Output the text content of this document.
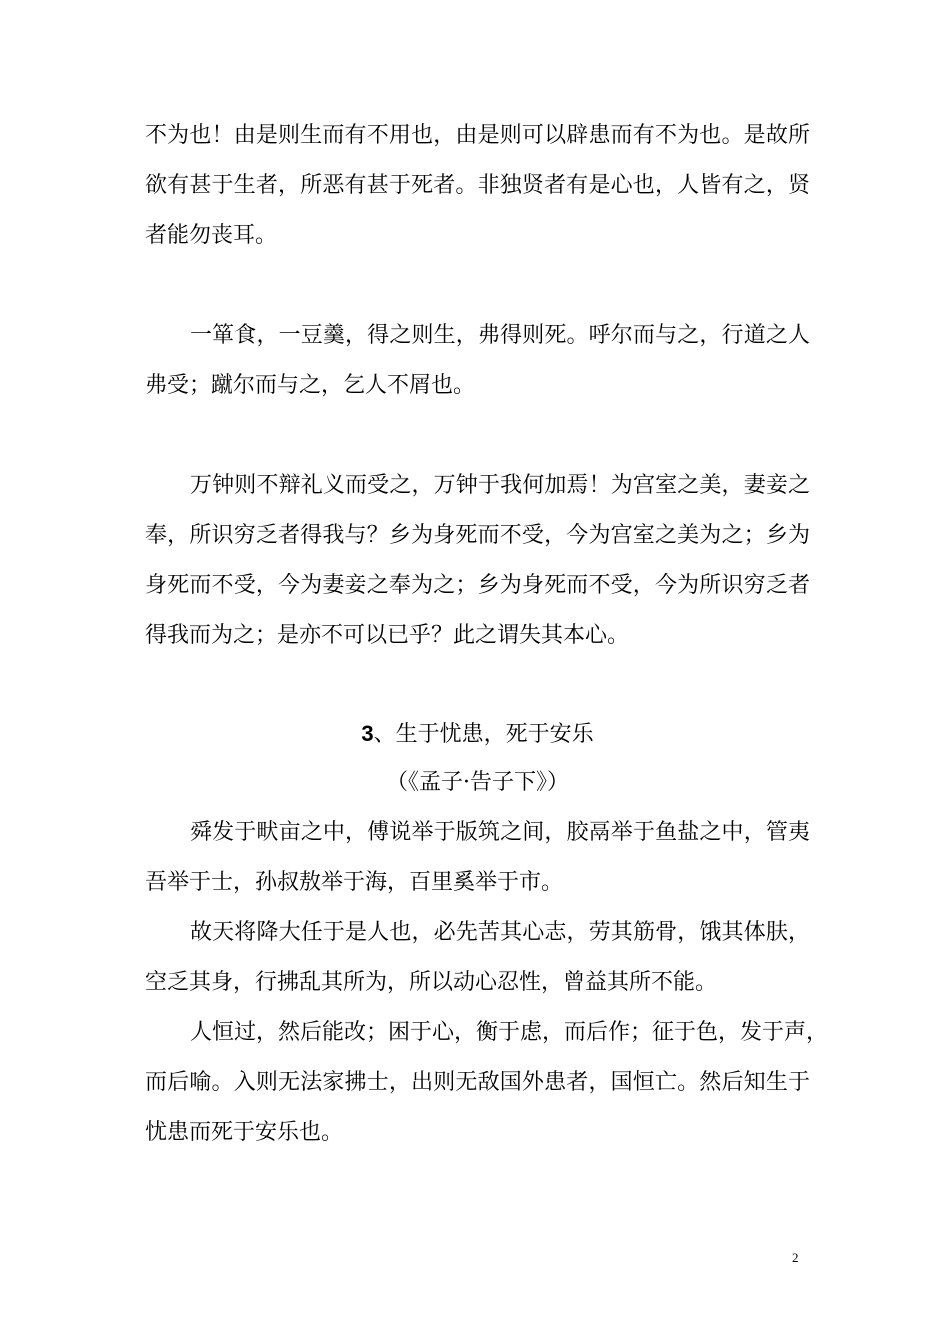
不为也！由是则生而有不用也，由是则可以辟患而有不为也。是故所
欲有甚于生者，所恶有甚于死者。非独贤者有是心也，人皆有之，贤
者能勿丧耳。
一箪食，一豆羹，得之则生，弗得则死。呼尔而与之，行道之人
弗受；蹴尔而与之，乞人不屑也。
万钟则不辩礼义而受之，万钟于我何加焉！为宫室之美，妻妾之
奉，所识穷乏者得我与？乡为身死而不受，今为宫室之美为之；乡为
身死而不受，今为妻妾之奉为之；乡为身死而不受，今为所识穷乏者
得我而为之；是亦不可以已乎？此之谓失其本心。
3、生于忧患，死于安乐
（《孟子·告子下》）
舜发于畎亩之中，傅说举于版筑之间，胶鬲举于鱼盐之中，管夷
吾举于士，孙叔敖举于海，百里奚举于市。
故天将降大任于是人也，必先苦其心志，劳其筋骨，饿其体肤，
空乏其身，行拂乱其所为，所以动心忍性，曾益其所不能。
人恒过，然后能改；困于心，衡于虑，而后作；征于色，发于声，
而后喻。入则无法家拂士，出则无敌国外患者，国恒亡。然后知生于
忧患而死于安乐也。
2
